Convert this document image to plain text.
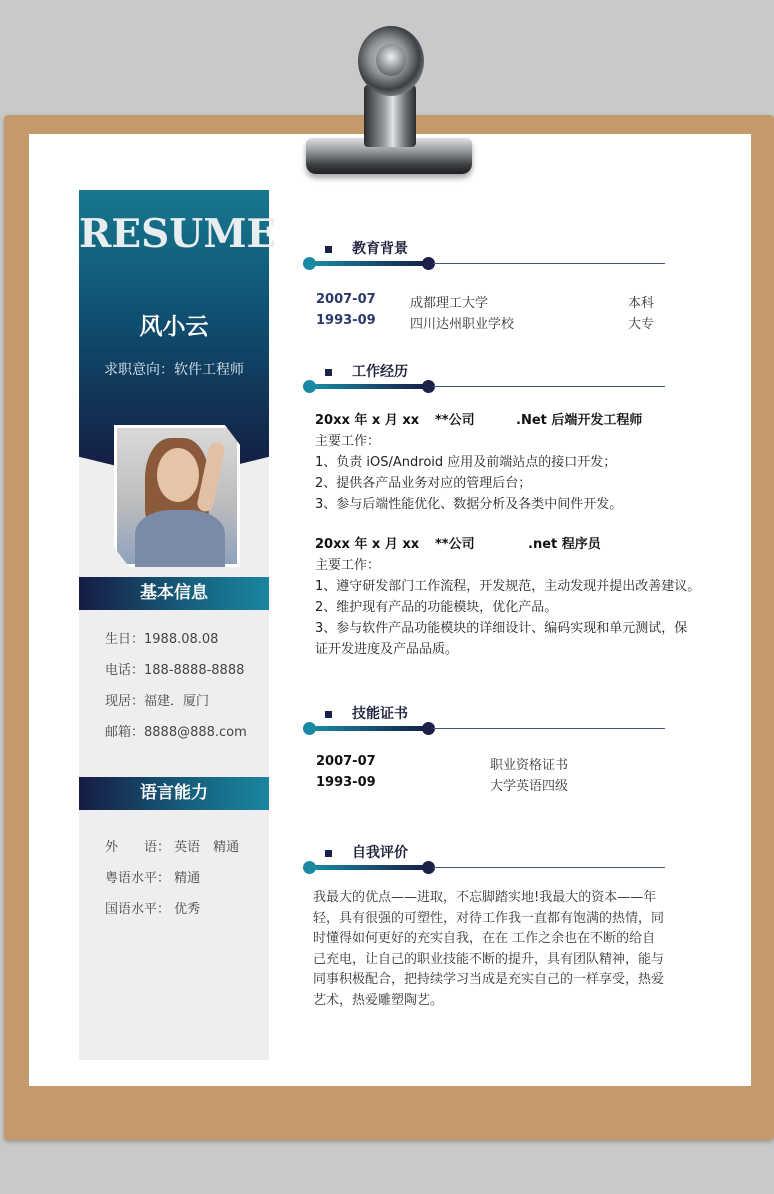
RESUME
风小云
求职意向：软件工程师
基本信息
生日：1988.08.08
电话：188-8888-8888
现居：福建．厦门
邮箱：8888@888.com
语言能力
外　　语： 英语　精通
粤语水平： 精通
国语水平： 优秀
教育背景
2007-07	成都理工大学	本科
1993-09	四川达州职业学校	大专
工作经历
20xx 年 x 月 xx **公司	.Net 后端开发工程师
主要工作：
1、负责 iOS/Android 应用及前端站点的接口开发；
2、提供各产品业务对应的管理后台；
3、参与后端性能优化、数据分析及各类中间件开发。
20xx 年 x 月 xx **公司	.net 程序员
主要工作：
1、遵守研发部门工作流程，开发规范，主动发现并提出改善建议。
2、维护现有产品的功能模块，优化产品。
3、参与软件产品功能模块的详细设计、编码实现和单元测试，保
证开发进度及产品品质。
技能证书
2007-07	职业资格证书
1993-09	大学英语四级
自我评价
我最大的优点——进取，不忘脚踏实地!我最大的资本——年轻，具有很强的可塑性，对待工作我一直都有饱满的热情，同时懂得如何更好的充实自我，在在 工作之余也在不断的给自己充电，让自己的职业技能不断的提升，具有团队精神，能与同事积极配合，把持续学习当成是充实自己的一样享受，热爱艺术，热爱雕塑陶艺。
